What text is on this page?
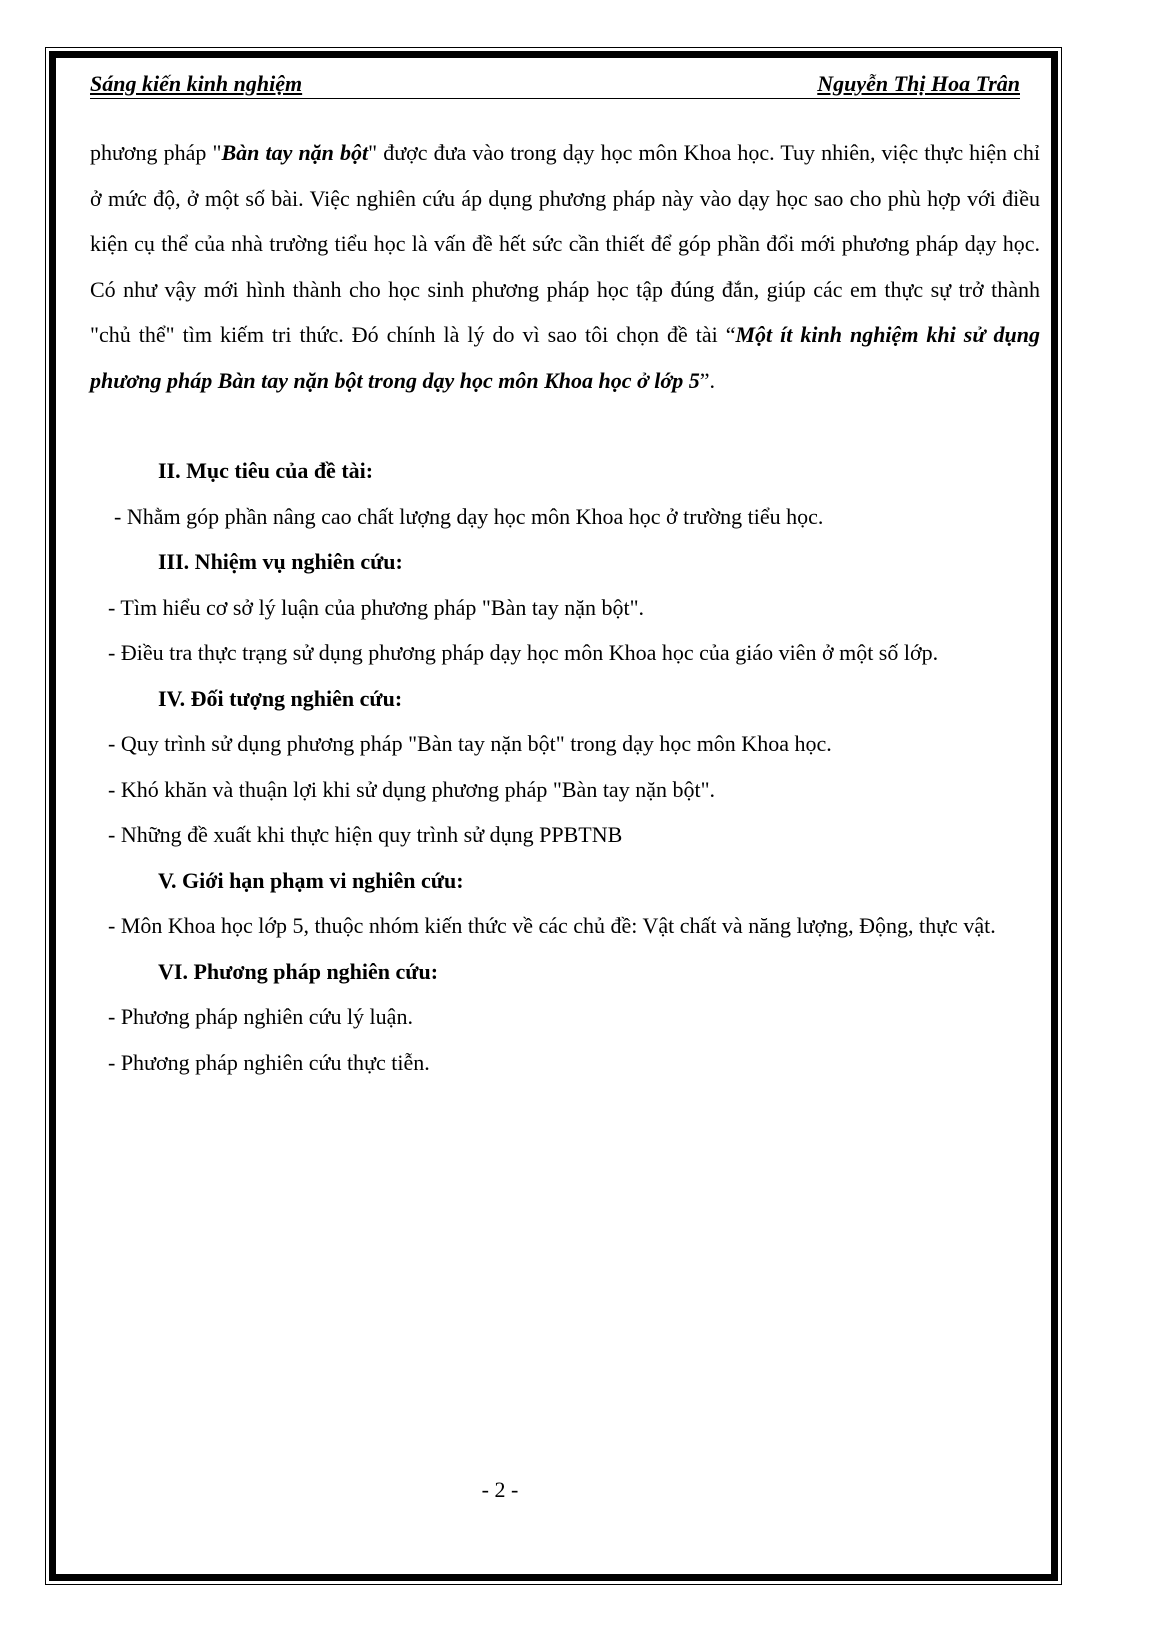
Sáng kiến kinh nghiệm	Nguyễn Thị Hoa Trân

phương pháp "Bàn tay nặn bột" được đưa vào trong dạy học môn Khoa học. Tuy nhiên, việc thực hiện chỉ ở mức độ, ở một số bài. Việc nghiên cứu áp dụng phương pháp này vào dạy học sao cho phù hợp với điều kiện cụ thể của nhà trường tiểu học là vấn đề hết sức cần thiết để góp phần đổi mới phương pháp dạy học. Có như vậy mới hình thành cho học sinh phương pháp học tập đúng đắn, giúp các em thực sự trở thành "chủ thể" tìm kiếm tri thức. Đó chính là lý do vì sao tôi chọn đề tài “Một ít kinh nghiệm khi sử dụng phương pháp Bàn tay nặn bột trong dạy học môn Khoa học ở lớp 5”.

II. Mục tiêu của đề tài:

- Nhằm góp phần nâng cao chất lượng dạy học môn Khoa học ở trường tiểu học.

III. Nhiệm vụ nghiên cứu:

- Tìm hiểu cơ sở lý luận của phương pháp "Bàn tay nặn bột".

- Điều tra thực trạng sử dụng phương pháp dạy học môn Khoa học của giáo viên ở một số lớp.

IV. Đối tượng nghiên cứu:

- Quy trình sử dụng phương pháp "Bàn tay nặn bột" trong dạy học môn Khoa học.

- Khó khăn và thuận lợi khi sử dụng phương pháp "Bàn tay nặn bột".

- Những đề xuất khi thực hiện quy trình sử dụng PPBTNB

V. Giới hạn phạm vi nghiên cứu:

- Môn Khoa học lớp 5, thuộc nhóm kiến thức về các chủ đề: Vật chất và năng lượng, Động, thực vật.

VI. Phương pháp nghiên cứu:

- Phương pháp nghiên cứu lý luận.

- Phương pháp nghiên cứu thực tiễn.

- 2 -
